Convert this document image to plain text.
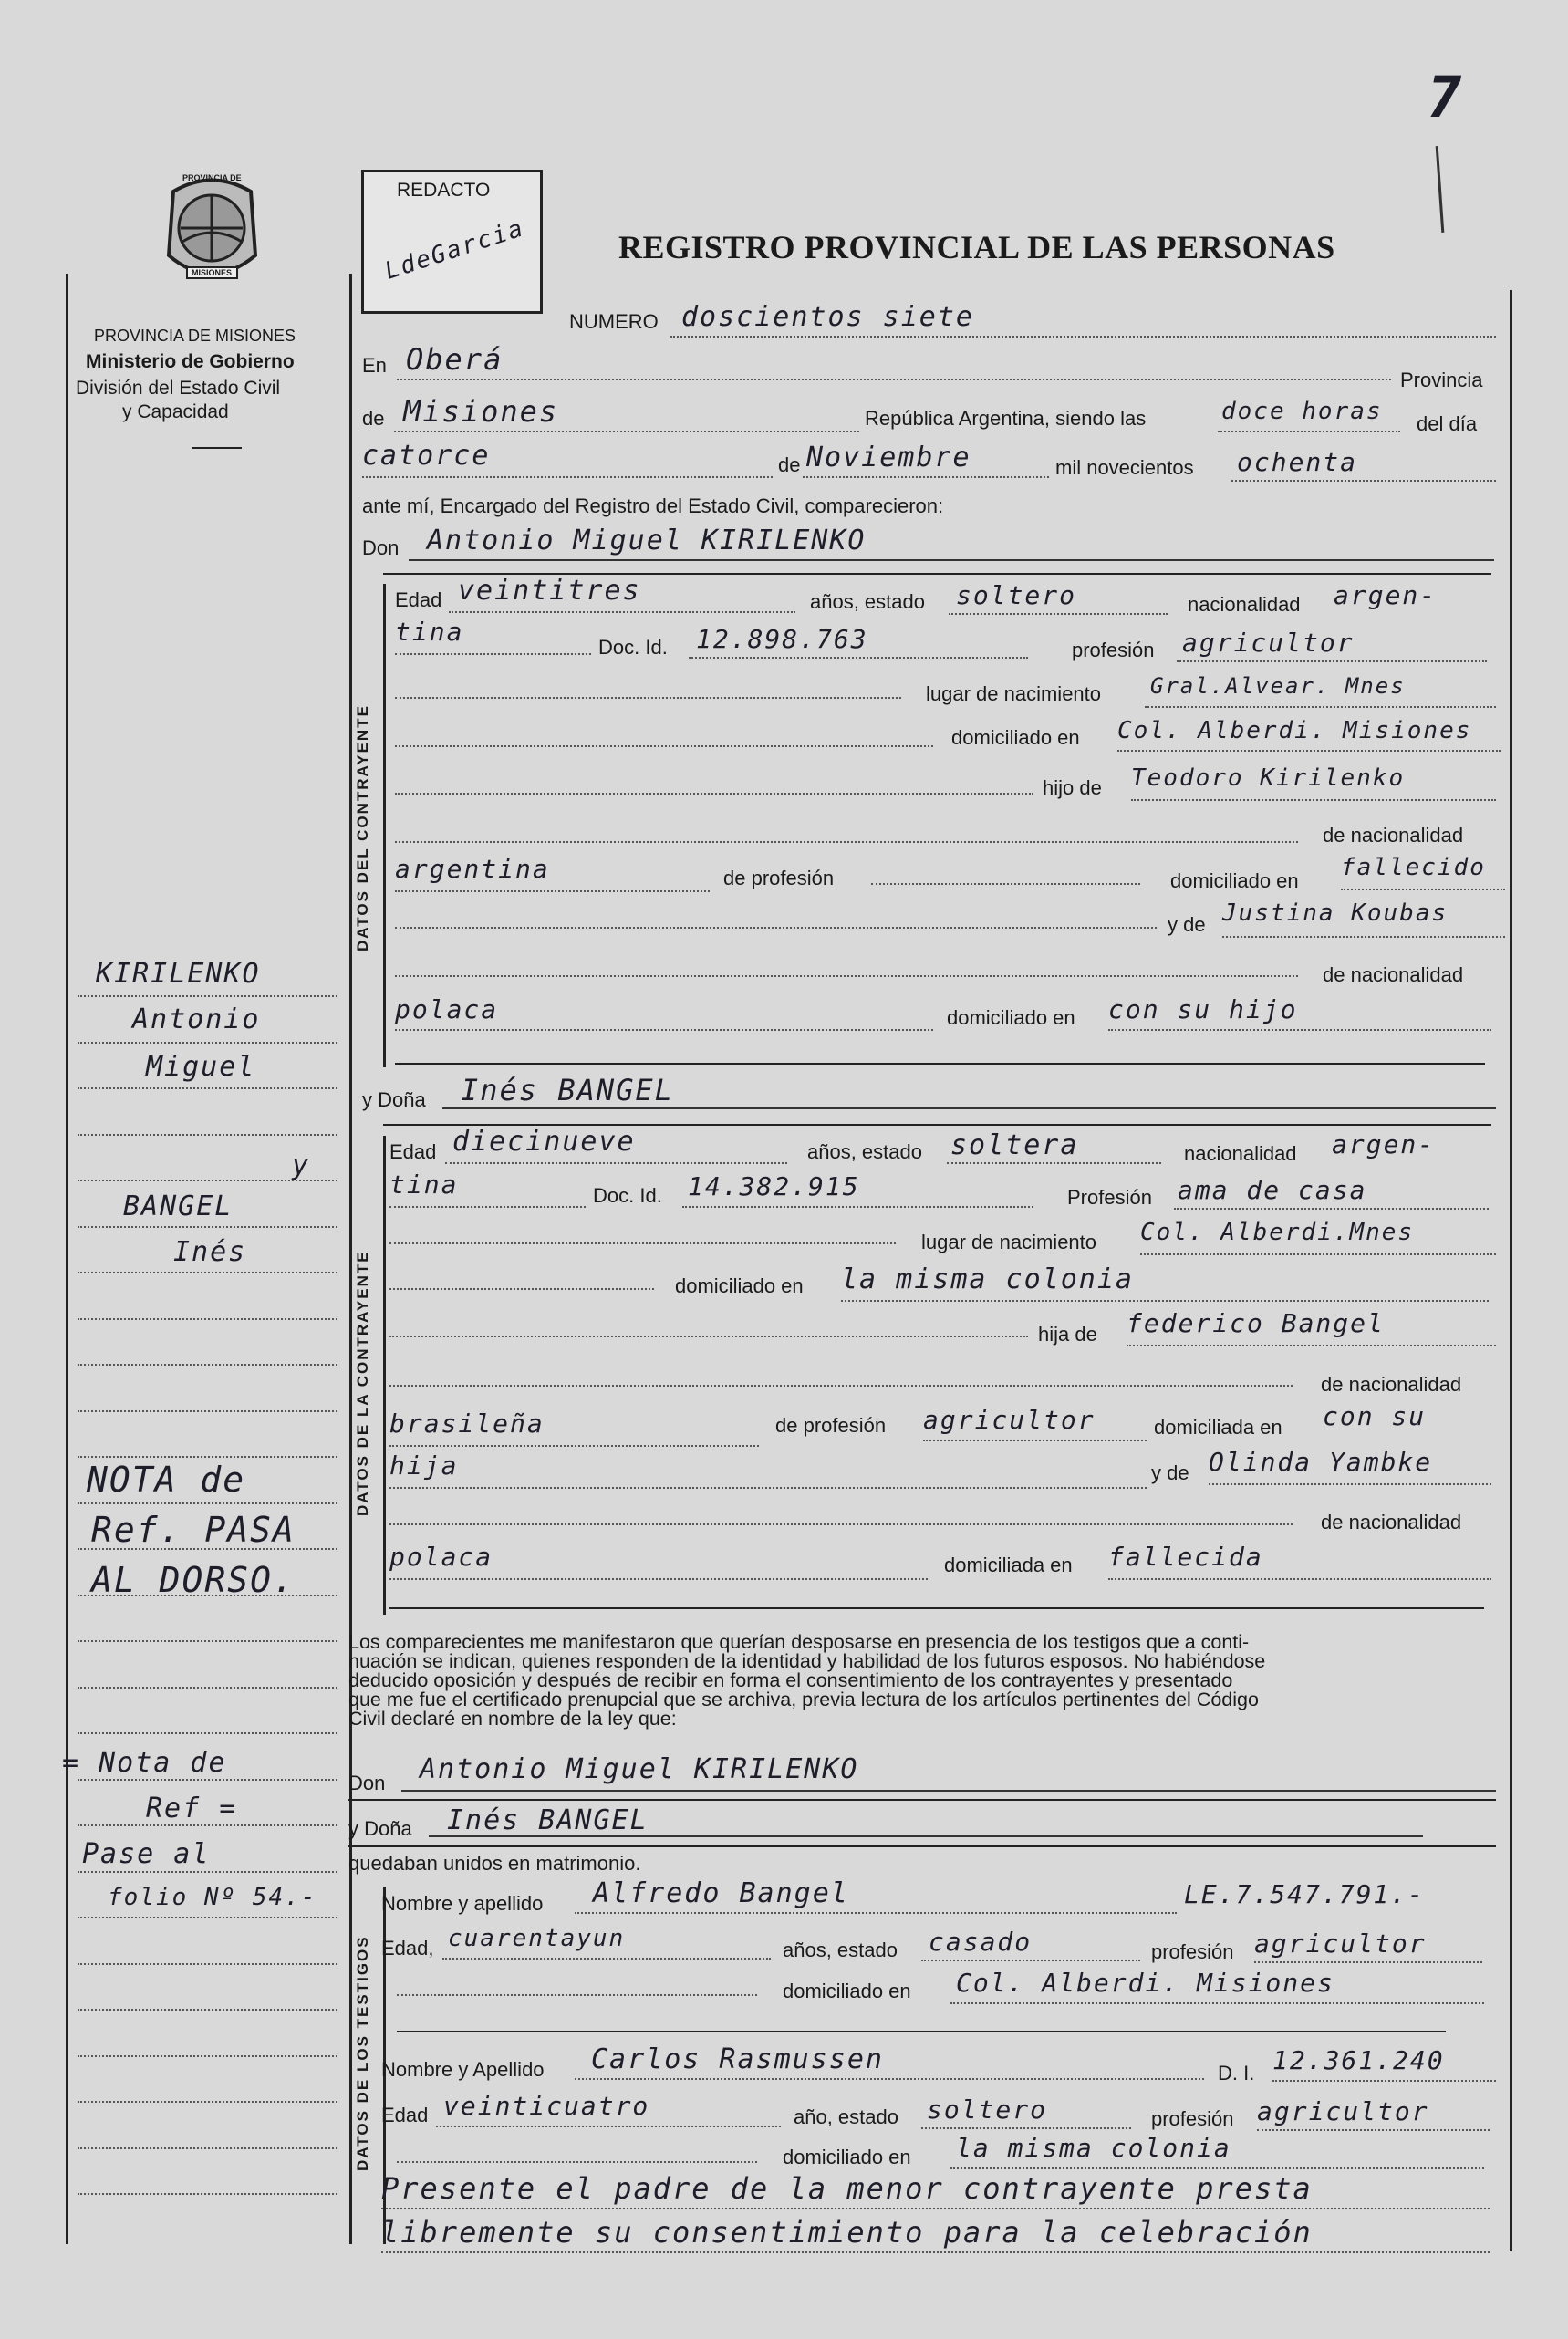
7
PROVINCIA DE
MISIONES
REDACTO
LdeGarcia	REGISTRO PROVINCIAL DE LAS PERSONAS
PROVINCIA DE MISIONES
Ministerio de Gobierno
División del Estado Civil
y Capacidad
DATOS DEL CONTRAYENTE
DATOS DE LA CONTRAYENTE
DATOS DE LOS TESTIGOS
KIRILENKO
Antonio
Miguel
y
BANGEL
Inés
NOTA de
Ref. PASA
AL DORSO.
= Nota de
Ref =
Pase al
folio Nº 54.-
NUMERO doscientos siete
En Oberá
Provincia
de Misiones	República Argentina, siendo las	doce horas	del día
catorce	de Noviembre	mil novecientos ochenta
ante mí, Encargado del Registro del Estado Civil, comparecieron:
Don	Antonio Miguel KIRILENKO
Edad veintitres	años, estado soltero	nacionalidad argen-
tina
Doc. Id. 12.898.763	profesión agricultor
lugar de nacimiento Gral.Alvear. Mnes
domiciliado en Col. Alberdi. Misiones
hijo de Teodoro Kirilenko
de nacionalidad
argentina	de profesión	domiciliado en fallecido
y de Justina Koubas
de nacionalidad
polaca	domiciliado en con su hijo
y Doña	Inés BANGEL
Edad diecinueve	años, estado soltera	nacionalidad argen-
tina	Doc. Id. 14.382.915	Profesión ama de casa
lugar de nacimiento Col. Alberdi.Mnes
domiciliado en la misma colonia
hija de federico Bangel
de nacionalidad
brasileña	de profesión agricultor	domiciliada en con su
hija	y de Olinda Yambke
de nacionalidad
polaca	domiciliada en fallecida
Los comparecientes me manifestaron que querían desposarse en presencia de los testigos que a conti-
nuación se indican, quienes responden de la identidad y habilidad de los futuros esposos. No habiéndose
deducido oposición y después de recibir en forma el consentimiento de los contrayentes y presentado
que me fue el certificado prenupcial que se archiva, previa lectura de los artículos pertinentes del Código
Civil declaré en nombre de la ley que:
Don	Antonio Miguel KIRILENKO
y Doña	Inés BANGEL
quedaban unidos en matrimonio.
Nombre y apellido	Alfredo Bangel	LE.7.547.791.-
Edad, cuarentayun	años, estado casado	profesión agricultor
domiciliado en Col. Alberdi. Misiones
Nombre y Apellido	Carlos Rasmussen	D. I. 12.361.240
Edad veinticuatro	año, estado soltero	profesión agricultor
domiciliado en la misma colonia
Presente el padre de la menor contrayente presta
libremente su consentimiento para la celebración
